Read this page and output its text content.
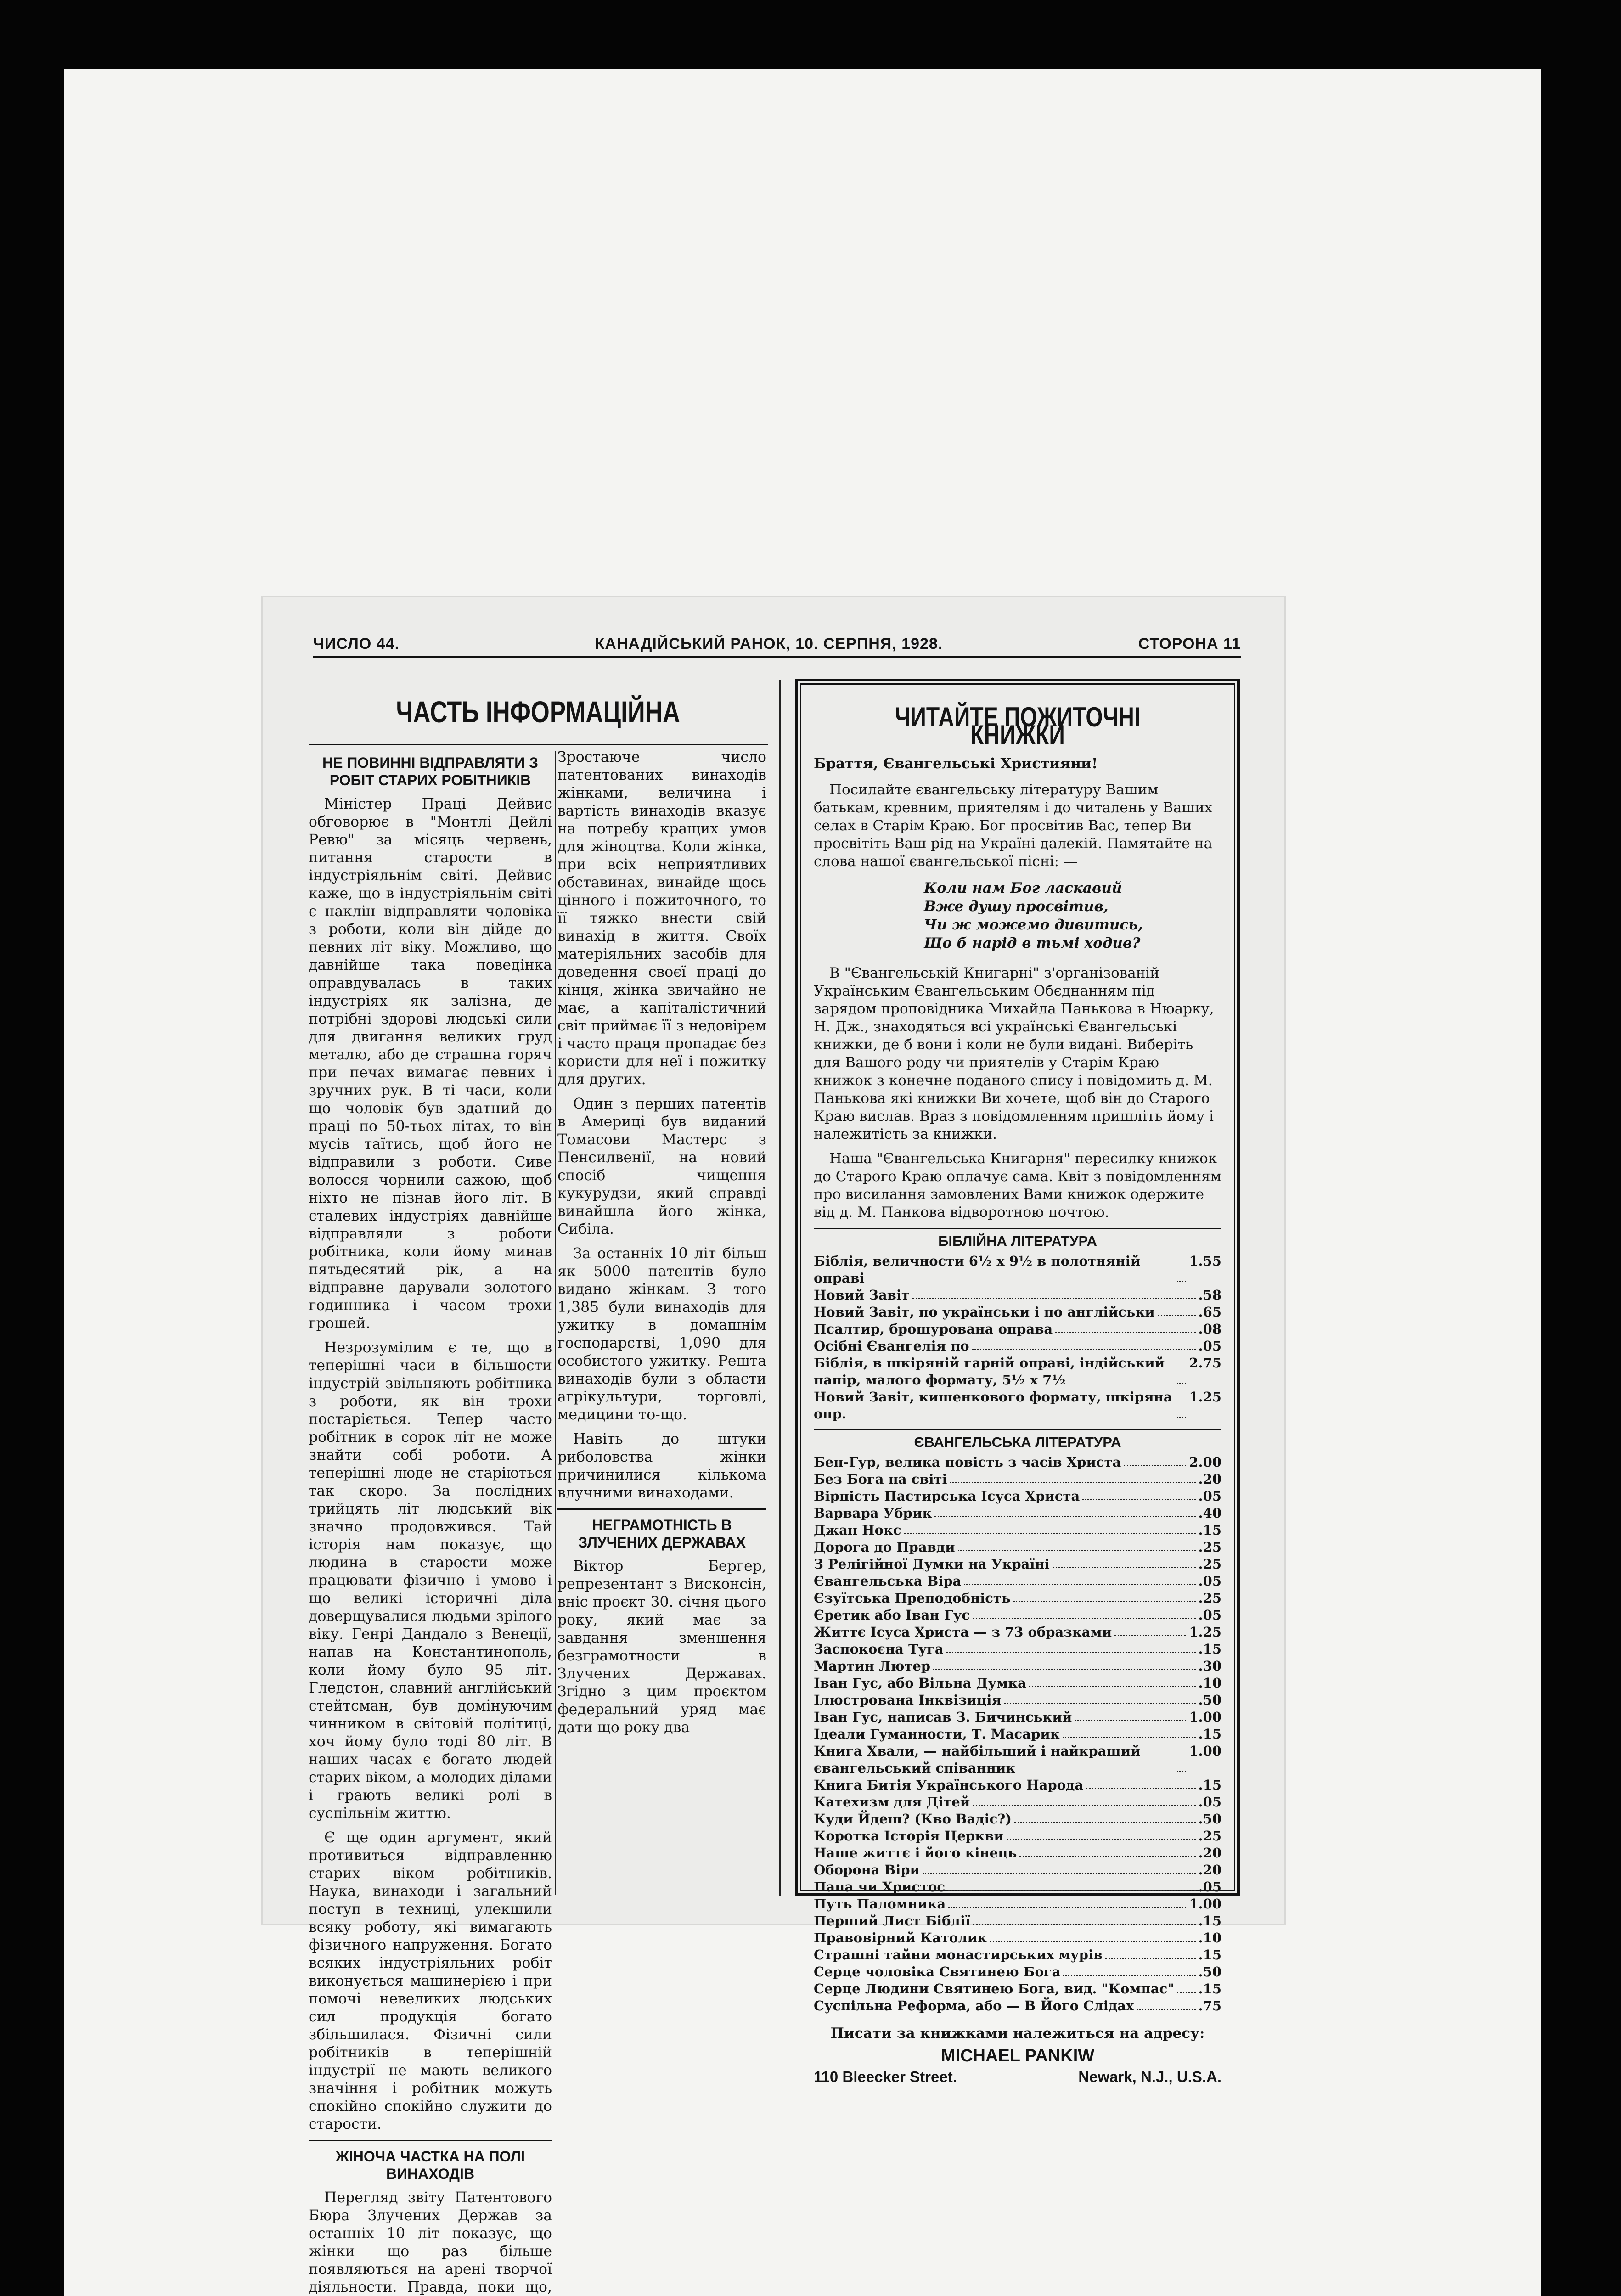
ЧИСЛО 44.	КАНАДІЙСЬКИЙ РАНОК, 10. СЕРПНЯ, 1928.	СТОРОНА 11
ЧАСТЬ ІНФОРМАЦІЙНА
НЕ ПОВИННІ ВІДПРАВЛЯТИ З РОБІТ СТАРИХ РОБІТНИКІВ

Міністер Праці Дейвис обговорює в "Монтлі Дейлі Ревю" за місяць червень, питання старости в індустріяльнім світі. Дейвис каже, що в індустріяльнім світі є наклін відправляти чоловіка з роботи, коли він дійде до певних літ віку. Можливо, що давнійше така поведінка оправдувалась в таких індустріях як залізна, де потрібні здорові людські сили для двигання великих груд металю, або де страшна горяч при печах вимагає певних і зручних рук. В ті часи, коли що чоловік був здатний до праці по 50-тьох літах, то він мусів таїтись, щоб його не відправили з роботи. Сиве волосся чорнили сажою, щоб ніхто не пізнав його літ. В сталевих індустріях давнійше відправляли з роботи робітника, коли йому минав пятьдесятий рік, а на відправне дарували золотого годинника і часом трохи грошей.

Незрозумілим є те, що в теперішні часи в більшости індустрій звільняють робітника з роботи, як він трохи постаріється. Тепер часто робітник в сорок літ не може знайти собі роботи. А теперішні люде не старіються так скоро. За послідних трийцять літ людський вік значно продовжився. Тай історія нам показує, що людина в старости може працювати фізично і умово і що великі історичні діла доверщувалися людьми зрілого віку. Генрі Дандало з Венеції, напав на Константинополь, коли йому було 95 літ. Гледстон, славний англійський стейтсман, був домінуючим чинником в світовій політиці, хоч йому було тоді 80 літ. В наших часах є богато людей старих віком, а молодих ділами і грають великі ролі в суспільнім життю.

Є ще один аргумент, який противиться відправленню старих віком робітників. Наука, винаходи і загальний поступ в техниці, улекшили всяку роботу, які вимагають фізичного напруження. Богато всяких індустріяльних робіт виконується машинерією і при помочі невеликих людських сил продукція богато збільшилася. Фізичні сили робітників в теперішній індустрії не мають великого значіння і робітник можуть спокійно спокійно служити до старости.

ЖІНОЧА ЧАСТКА НА ПОЛІ ВИНАХОДІВ

Перегляд звіту Патентового Бюра Злучених Держав за останніх 10 літ показує, що жінки що раз більше появляються на арені творчої діяльности. Правда, поки що,

Зростаюче число патентованих винаходів жінками, величина і вартість винаходів вказує на потребу кращих умов для жіноцтва. Коли жінка, при всіх неприятливих обставинах, винайде щось цінного і пожиточного, то її тяжко внести свій винахід в життя. Своїх матеріяльних засобів для доведення своєї праці до кінця, жінка звичайно не має, а капіталістичний світ приймає її з недовірем і часто праця пропадає без користи для неї і пожитку для других.

Один з перших патентів в Америці був виданий Томасови Мастерс з Пенсилвенії, на новий спосіб чищення кукурудзи, який справді винайшла його жінка, Сибіла.

За останніх 10 літ більш як 5000 патентів було видано жінкам. З того 1,385 були винаходів для ужитку в домашнім господарстві, 1,090 для особистого ужитку. Решта винаходів були з области агрікультури, торговлі, медицини то-що.

Навіть до штуки риболовства жінки причинилися кількома влучними винаходами.

НЕГРАМОТНІСТЬ В ЗЛУЧЕНИХ ДЕРЖАВАХ

Віктор Бергер, репрезентант з Висконсін, вніс проєкт 30. січня цього року, який має за завдання зменшення безграмотности в Злучених Державах. Згідно з цим проєктом федеральний уряд має дати що року два

ЧИТАЙТЕ ПОЖИТОЧНІ КНИЖКИ
Браття, Євангельські Християни!

Посилайте євангельську літературу Вашим батькам, кревним, приятелям і до читалень у Ваших селах в Старім Краю. Бог просвітив Вас, тепер Ви просвітіть Ваш рід на Україні далекій. Памятайте на слова нашої євангельської пісні: —

Коли нам Бог ласкавий
Вже душу просвітив,
Чи ж можемо дивитись,
Що б нарід в тьмі ходив?

В "Євангельській Книгарні" з'органiзованій Українським Євангельським Обєднанням під зарядом проповідника Михайла Панькова в Нюарку, Н. Дж., знаходяться всі українські Євангельські книжки, де б вони і коли не були видані. Виберіть для Вашого роду чи приятелів у Старім Краю книжок з конечне поданого спису і повідомить д. М. Панькова які книжки Ви хочете, щоб він до Старого Краю вислав. Враз з повідомленням пришліть йому і належитість за книжки.

Наша "Євангельська Книгарня" пересилку книжок до Старого Краю оплачує сама. Квіт з повідомленням про висилання замовлених Вами книжок одержите від д. М. Панкова відворотною почтою.

БІБЛІЙНА ЛІТЕРАТУРА
Біблія, величности 6½ x 9½ в полотняній оправі
1.55
Новий Завіт	.58
Новий Завіт, по українськи і по англійськи	.65
Псалтир, брошурована оправа	.08
Осібні Євангелія по	.05
Біблія, в шкіряній гарній оправі, індійський папір, малого формату, 5½ x 7½
2.75
Новий Завіт, кишенкового формату, шкіряна опр.
1.25
ЄВАНГЕЛЬСЬКА ЛІТЕРАТУРА
Бен-Гур, велика повість з часів Христа	2.00
Без Бога на світі	.20
Вірність Пастирська Ісуса Христа	.05
Варвара Убрик	.40
Джан Нокс	.15
Дорога до Правди	.25
З Релігійної Думки на Україні	.25
Євангельська Віра	.05
Єзуїтська Преподобність	.25
Єретик або Іван Гус	.05
Життє Ісуса Христа — з 73 образками	1.25
Заспокоєна Туга	.15
Мартин Лютер	.30
Іван Гус, або Вільна Думка	.10
Ілюстрована Інквізиція	.50
Іван Гус, написав З. Бичинський	1.00
Ідеали Гуманности, Т. Масарик	.15
Книга Хвали, — найбільший і найкращий євангельський співанник
1.00
Книга Битія Українського Народа	.15
Катехизм для Дітей	.05
Куди Йдеш? (Кво Вадіс?)	.50
Коротка Історія Церкви	.25
Наше життє і його кінець	.20
Оборона Віри	.20
Папа чи Христос	.05
Путь Паломника	1.00
Перший Лист Біблії	.15
Правовірний Католик	.10
Страшні тайни монастирських мурів	.15
Серце чоловіка Святинею Бога	.50
Серце Людини Святинею Бога, вид. "Компас" .15
Суспільна Реформа, або — В Його Слідах	.75
Писати за книжками належиться на адресу:
MICHAEL PANKIW
110 Bleecker Street.	Newark, N.J., U.S.A.
